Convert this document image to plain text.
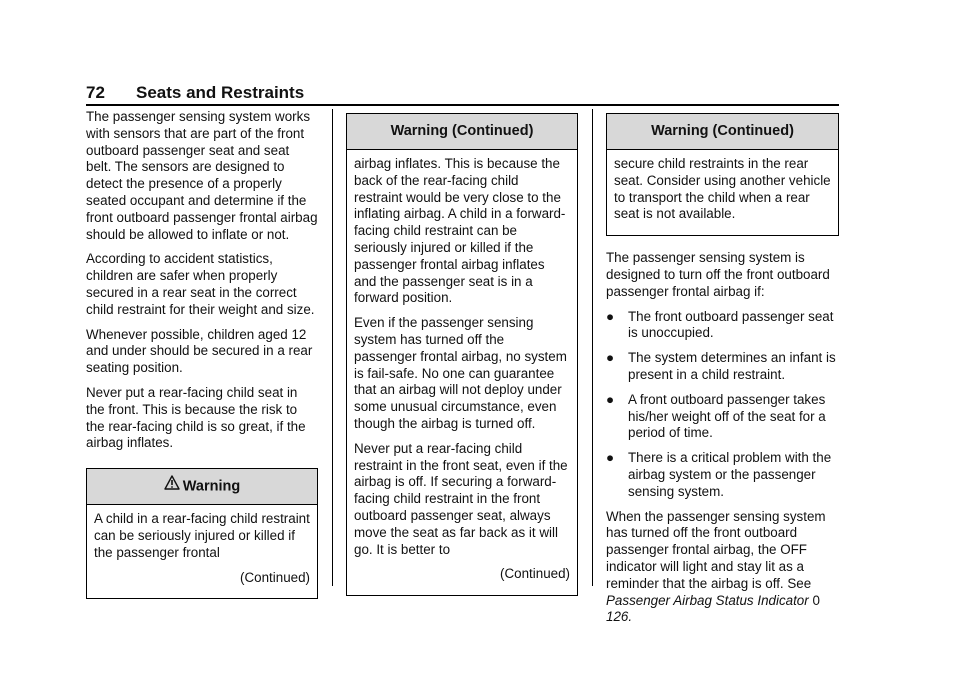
72 Seats and Restraints

The passenger sensing system works with sensors that are part of the front outboard passenger seat and seat belt. The sensors are designed to detect the presence of a properly seated occupant and determine if the front outboard passenger frontal airbag should be allowed to inflate or not.

According to accident statistics, children are safer when properly secured in a rear seat in the correct child restraint for their weight and size.

Whenever possible, children aged 12 and under should be secured in a rear seating position.

Never put a rear-facing child seat in the front. This is because the risk to the rear-facing child is so great, if the airbag inflates.

Warning

A child in a rear-facing child restraint can be seriously injured or killed if the passenger frontal

(Continued)

Warning (Continued)

airbag inflates. This is because the back of the rear-facing child restraint would be very close to the inflating airbag. A child in a forward-facing child restraint can be seriously injured or killed if the passenger frontal airbag inflates and the passenger seat is in a forward position.

Even if the passenger sensing system has turned off the passenger frontal airbag, no system is fail-safe. No one can guarantee that an airbag will not deploy under some unusual circumstance, even though the airbag is turned off.

Never put a rear-facing child restraint in the front seat, even if the airbag is off. If securing a forward-facing child restraint in the front outboard passenger seat, always move the seat as far back as it will go. It is better to

(Continued)

Warning (Continued)

secure child restraints in the rear seat. Consider using another vehicle to transport the child when a rear seat is not available.

The passenger sensing system is designed to turn off the front outboard passenger frontal airbag if:

● The front outboard passenger seat is unoccupied.
● The system determines an infant is present in a child restraint.
● A front outboard passenger takes his/her weight off of the seat for a period of time.
● There is a critical problem with the airbag system or the passenger sensing system.

When the passenger sensing system has turned off the front outboard passenger frontal airbag, the OFF indicator will light and stay lit as a reminder that the airbag is off. See Passenger Airbag Status Indicator 0 126.
